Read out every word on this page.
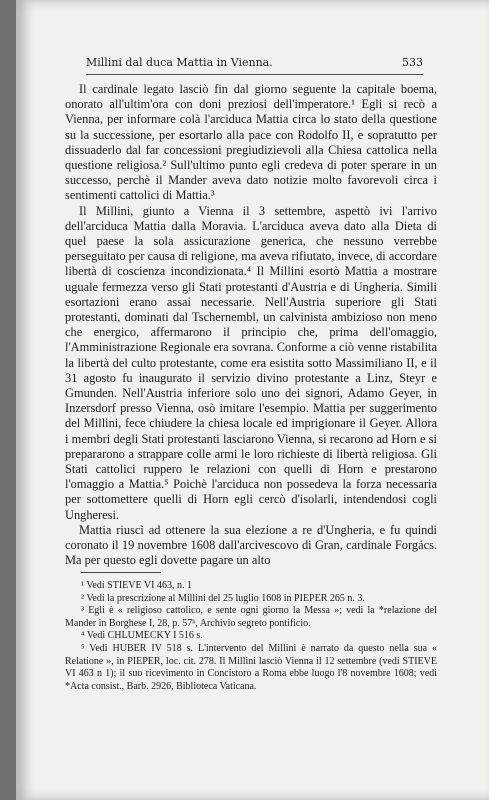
Millini dal duca Mattia in Vienna.	533

Il cardinale legato lasciò fin dal giorno seguente la capitale boema, onorato all'ultim'ora con doni preziosi dell'imperatore.¹ Egli si recò a Vienna, per informare colà l'arciduca Mattia circa lo stato della questione su la successione, per esortarlo alla pace con Rodolfo II, e sopratutto per dissuaderlo dal far concessioni pregiudizievoli alla Chiesa cattolica nella questione religiosa.² Sull'ultimo punto egli credeva di poter sperare in un successo, perchè il Mander aveva dato notizie molto favorevoli circa i sentimenti cattolici di Mattia.³

Il Millini, giunto a Vienna il 3 settembre, aspettò ivi l'arrivo dell'arciduca Mattia dalla Moravia. L'arciduca aveva dato alla Dieta di quel paese la sola assicurazione generica, che nessuno verrebbe perseguitato per causa di religione, ma aveva rifiutato, invece, di accordare libertà di coscienza incondizionata.⁴ Il Millini esortò Mattia a mostrare uguale fermezza verso gli Stati protestanti d'Austria e di Ungheria. Simili esortazioni erano assai necessarie. Nell'Austria superiore gli Stati protestanti, dominati dal Tschernembl, un calvinista ambizioso non meno che energico, affermarono il principio che, prima dell'omaggio, l'Amministrazione Regionale era sovrana. Conforme a ciò venne ristabilita la libertà del culto protestante, come era esistita sotto Massimiliano II, e il 31 agosto fu inaugurato il servizio divino protestante a Linz, Steyr e Gmunden. Nell'Austria inferiore solo uno dei signori, Adamo Geyer, in Inzersdorf presso Vienna, osò imitare l'esempio. Mattia per suggerimento del Millini, fece chiudere la chiesa locale ed imprigionare il Geyer. Allora i membri degli Stati protestanti lasciarono Vienna, si recarono ad Horn e si prepararono a strappare colle armi le loro richieste di libertà religiosa. Gli Stati cattolici ruppero le relazioni con quelli di Horn e prestarono l'omaggio a Mattia.⁵ Poichè l'arciduca non possedeva la forza necessaria per sottomettere quelli di Horn egli cercò d'isolarli, intendendosi cogli Ungheresi.

Mattia riuscì ad ottenere la sua elezione a re d'Ungheria, e fu quindi coronato il 19 novembre 1608 dall'arcivescovo di Gran, cardinale Forgács. Ma per questo egli dovette pagare un alto

¹ Vedi STIEVE VI 463, n. 1

² Vedi la prescrizione al Millini del 25 luglio 1608 in PIEPER 265 n. 3.

³ Egli è « religioso cattolico, e sente ogni giorno la Messa »; vedi la *relazione del Mander in Borghese I, 28, p. 57ᵇ, Archivio segreto pontificio.

⁴ Vedi CHLUMECKY I 516 s.

⁵ Vedi HUBER IV 518 s. L'intervento del Millini è narrato da questo nella sua « Relatione », in PIEPER, loc. cit. 278. Il Millini lasciò Vienna il 12 settembre (vedi STIEVE VI 463 n 1); il suo ricevimento in Concistoro a Roma ebbe luogo l'8 novembre 1608; vedi *Acta consist., Barb. 2926, Biblioteca Vaticana.
